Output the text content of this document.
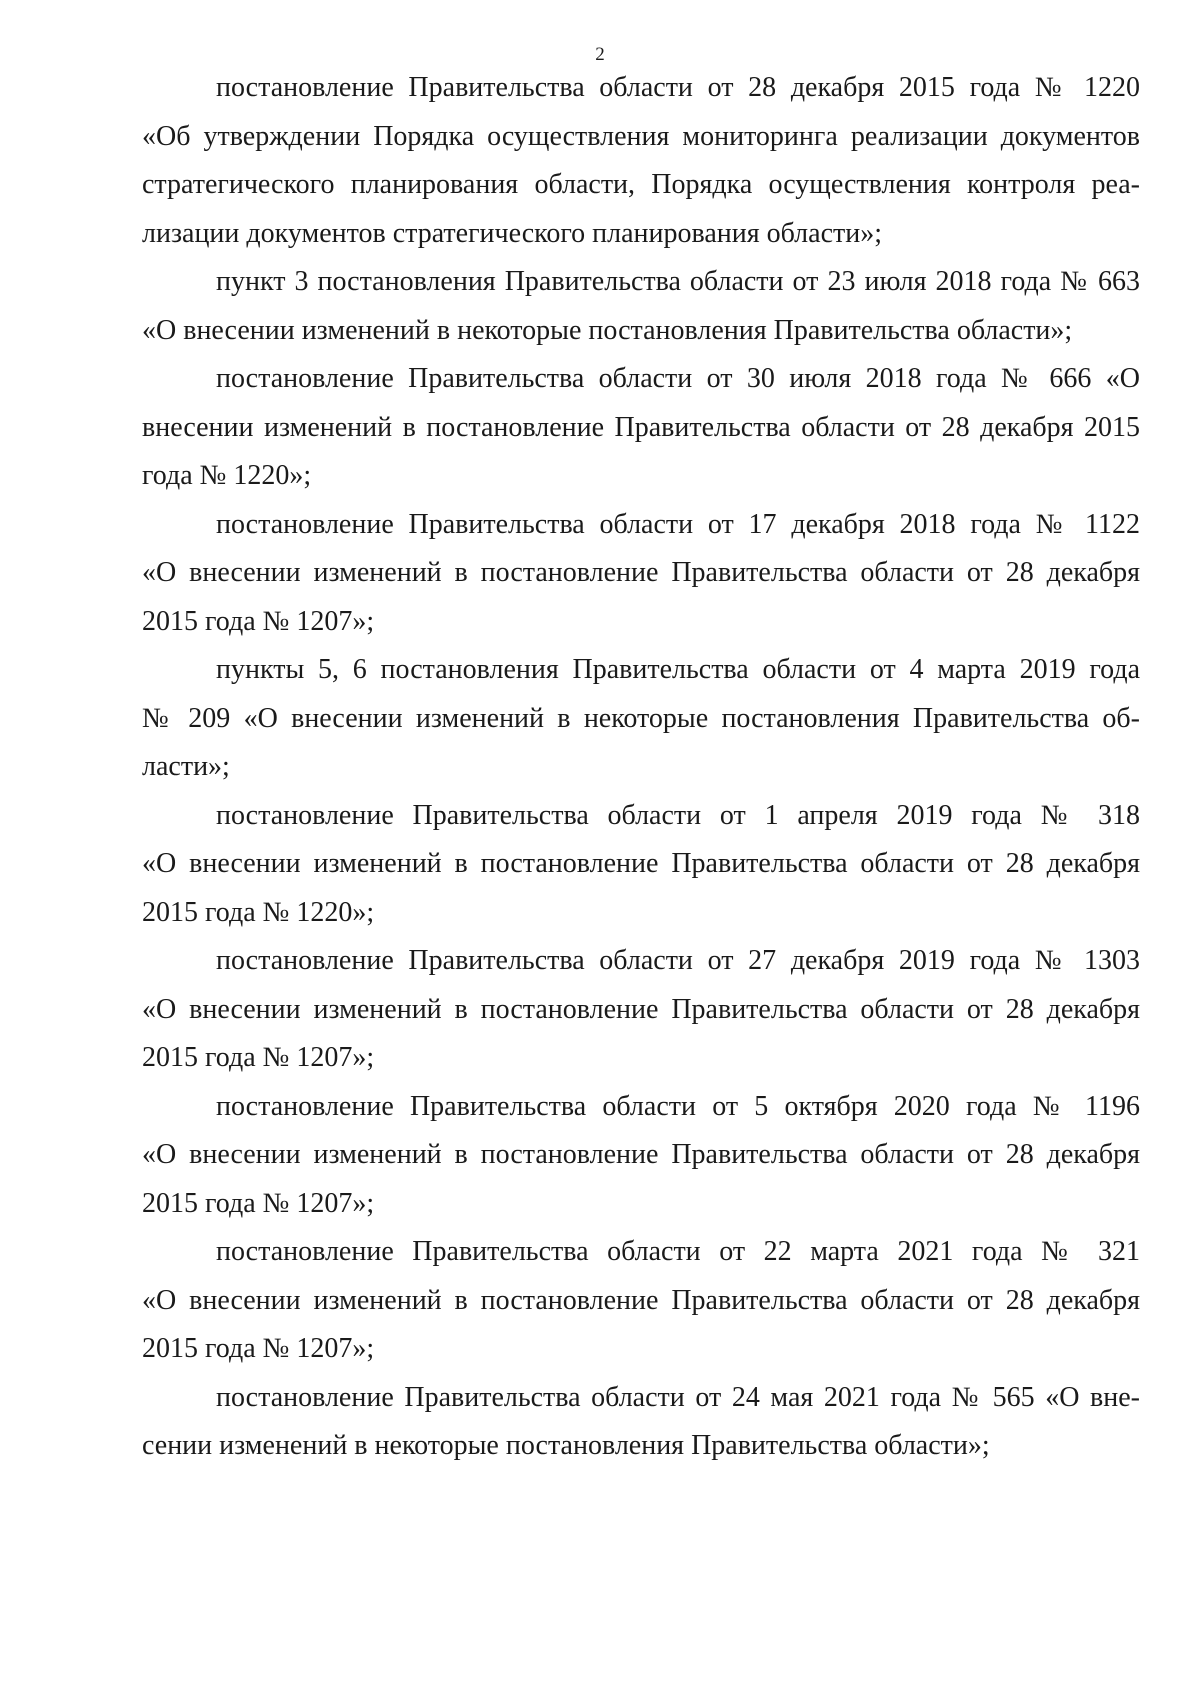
2
постановление Правительства области от 28 декабря 2015 года № 1220
«Об утверждении Порядка осуществления мониторинга реализации документов
стратегического планирования области, Порядка осуществления контроля реа-
лизации документов стратегического планирования области»;
пункт 3 постановления Правительства области от 23 июля 2018 года № 663
«О внесении изменений в некоторые постановления Правительства области»;
постановление Правительства области от 30 июля 2018 года № 666 «О
внесении изменений в постановление Правительства области от 28 декабря 2015
года № 1220»;
постановление Правительства области от 17 декабря 2018 года № 1122
«О внесении изменений в постановление Правительства области от 28 декабря
2015 года № 1207»;
пункты 5, 6 постановления Правительства области от 4 марта 2019 года
№ 209 «О внесении изменений в некоторые постановления Правительства об-
ласти»;
постановление Правительства области от 1 апреля 2019 года № 318
«О внесении изменений в постановление Правительства области от 28 декабря
2015 года № 1220»;
постановление Правительства области от 27 декабря 2019 года № 1303
«О внесении изменений в постановление Правительства области от 28 декабря
2015 года № 1207»;
постановление Правительства области от 5 октября 2020 года № 1196
«О внесении изменений в постановление Правительства области от 28 декабря
2015 года № 1207»;
постановление Правительства области от 22 марта 2021 года № 321
«О внесении изменений в постановление Правительства области от 28 декабря
2015 года № 1207»;
постановление Правительства области от 24 мая 2021 года № 565 «О вне-
сении изменений в некоторые постановления Правительства области»;
